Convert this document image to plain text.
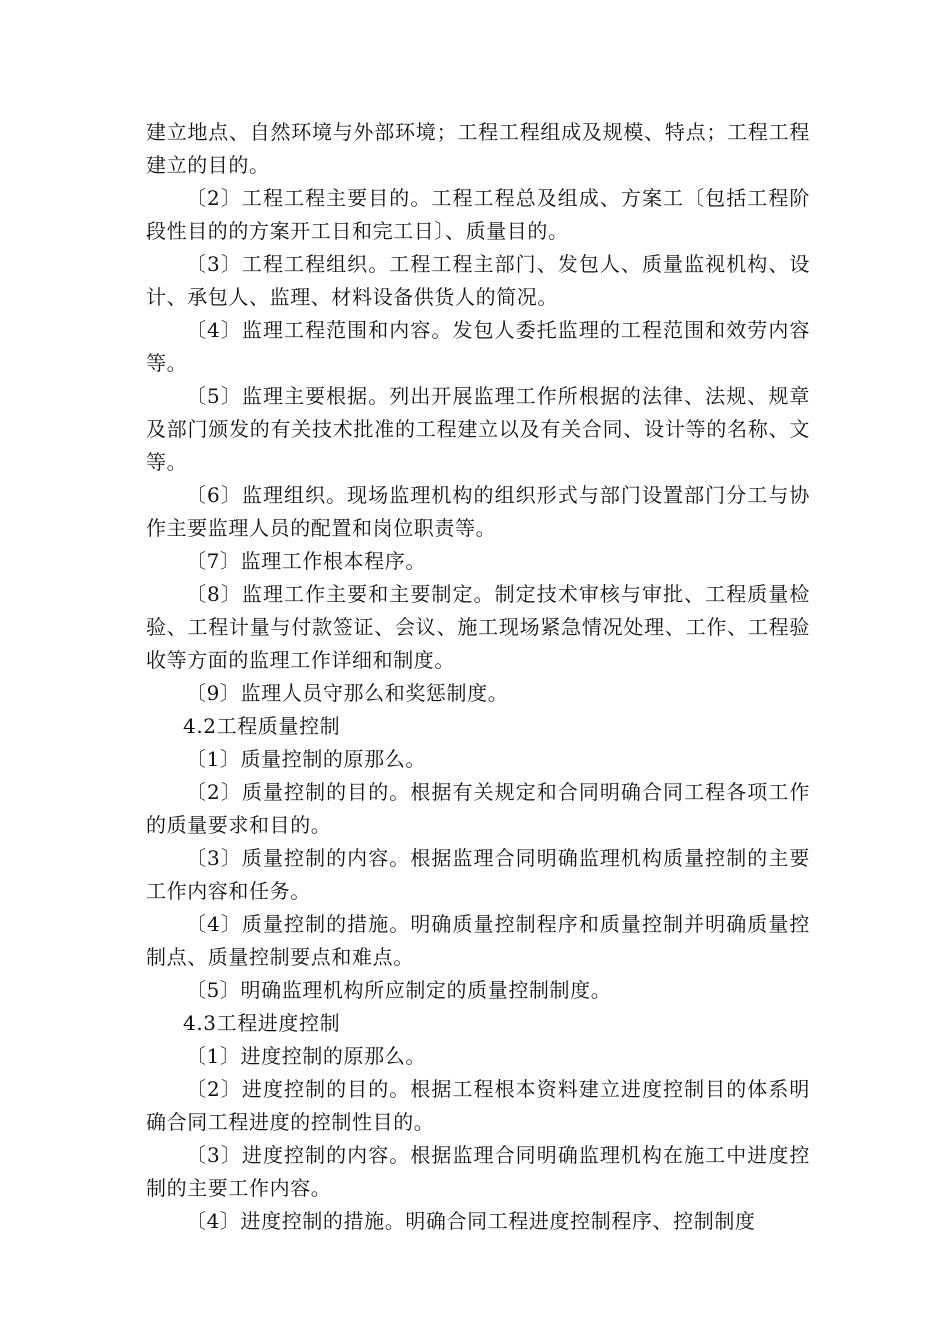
建立地点、自然环境与外部环境；工程工程组成及规模、特点；工程工程建立的目的。

〔2〕工程工程主要目的。工程工程总及组成、方案工〔包括工程阶段性目的的方案开工日和完工日〕、质量目的。

〔3〕工程工程组织。工程工程主部门、发包人、质量监视机构、设计、承包人、监理、材料设备供货人的简况。

〔4〕监理工程范围和内容。发包人委托监理的工程范围和效劳内容等。

〔5〕监理主要根据。列出开展监理工作所根据的法律、法规、规章及部门颁发的有关技术批准的工程建立以及有关合同、设计等的名称、文等。

〔6〕监理组织。现场监理机构的组织形式与部门设置部门分工与协作主要监理人员的配置和岗位职责等。

〔7〕监理工作根本程序。

〔8〕监理工作主要和主要制定。制定技术审核与审批、工程质量检验、工程计量与付款签证、会议、施工现场紧急情况处理、工作、工程验收等方面的监理工作详细和制度。

〔9〕监理人员守那么和奖惩制度。

4.2工程质量控制

〔1〕质量控制的原那么。

〔2〕质量控制的目的。根据有关规定和合同明确合同工程各项工作的质量要求和目的。

〔3〕质量控制的内容。根据监理合同明确监理机构质量控制的主要工作内容和任务。

〔4〕质量控制的措施。明确质量控制程序和质量控制并明确质量控制点、质量控制要点和难点。

〔5〕明确监理机构所应制定的质量控制制度。

4.3工程进度控制

〔1〕进度控制的原那么。

〔2〕进度控制的目的。根据工程根本资料建立进度控制目的体系明确合同工程进度的控制性目的。

〔3〕进度控制的内容。根据监理合同明确监理机构在施工中进度控制的主要工作内容。

〔4〕进度控制的措施。明确合同工程进度控制程序、控制制度
